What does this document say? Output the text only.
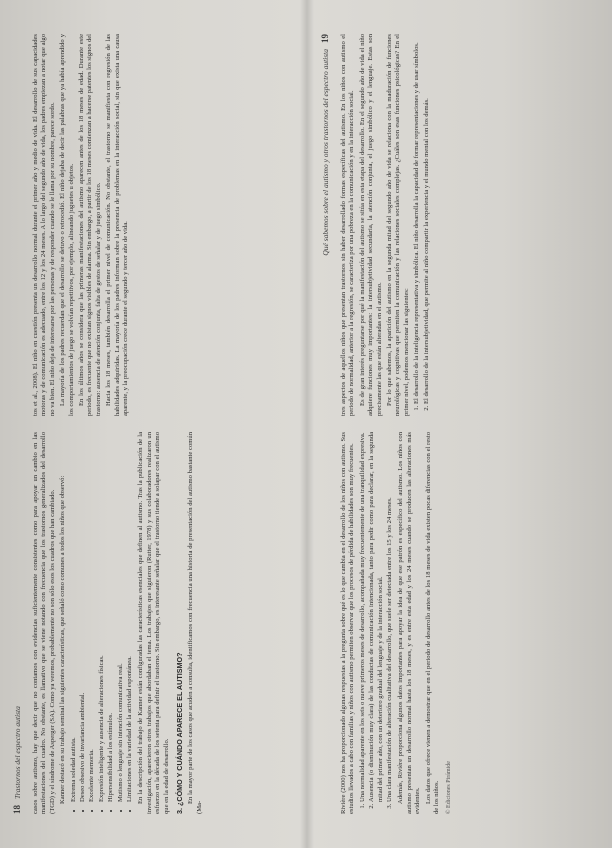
18Trastornos del espectro autista	casos sobre autismo, hay que decir que no contamos con evidencias suficientemente consistentes como para apoyar un cambio en las manifestaciones del cuadro. No obstante, es llamativo que se viene notando con frecuencia que los trastornos generalizados del desarrollo (TGD) y el síndrome de Asperger (SA). Como ya veremos, probablemente no son sólo esos los cuadros que han cambiado. Kanner destacó en su trabajo seminal las siguientes características, que señaló como comunes a todos los niños que observó: • Extrema soledad autista. • Deseo obsesivo de invariancia ambiental. • Excelente memoria. • Expresión inteligente y ausencia de alteraciones físicas. • Hipersensibilidad a los estímulos. • Mutismo o lenguaje sin intención comunicativa real. • Limitaciones en la variedad de la actividad espontánea. En la descripción del trabajo de Kanner están configuradas las características esenciales que definen al autismo. Tras la publicación de la investigación, aparecieron otros trabajos que abordaban el tema. Los trabajos que siguieron (Rutter, 1978) y sus colaboradores realizaron un esfuerzo en la década de los setenta para definir el trastorno. Sin embargo, es interesante señalar que el trastorno tiende a solapar con el autismo que en la edad de desarrollo. 3. ¿CÓMO Y CUÁNDO APARECE EL AUTISMO? En la mayor parte de los casos que acuden a consulta, identificamos con frecuencia una historia de presentación del autismo bastante común (Ma-

tos et al., 2008). El niño en cuestión presenta un desarrollo normal durante el primer año y medio de vida. El desarrollo de sus capacidades motoras y de comunicación es adecuado, entre los 12 y los 24 meses. A lo largo del segundo año de vida, los padres empiezan a notar que algo no va bien. El niño deja de interesarse por las personas y de responder cuando se le llama por su nombre, parece sordo. La mayoría de los padres recuerdan que el desarrollo se detuvo o retrocedió. El niño dejaba de decir las palabras que ya había aprendido y los comportamientos de juego se volvían repetitivos, por ejemplo, alineando juguetes u objetos. En los últimos años se considera que las primeras manifestaciones del autismo aparecen antes de los 18 meses de edad. Durante este periodo, es frecuente que no existan signos visibles de alarma. Sin embargo, a partir de los 18 meses comienzan a hacerse patentes los signos del trastorno: ausencia de atención conjunta, falta de gestos de señalar y de juego simbólico. Hacia los 18 meses, también desarrolla el primer nivel de comunicación. No obstante, el trastorno se manifiesta con regresión de las habilidades adquiridas. La mayoría de los padres informan sobre la presencia de problemas en la interacción social, sin que exista una causa aparente, y la preocupación crece durante el segundo y tercer año de vida.

Qué sabemos sobre el autismo y otros trastornos del espectro autista19

Rivière (2000) nos ha proporcionado algunas respuestas a la pregunta sobre qué es lo que cambia en el desarrollo de los niños con autismo. Sus estudios llevados a cabo con familias y niños con autismo permiten observar que los procesos de pérdida de habilidades son muy frecuentes. 1. Una normalidad aparente en los seis o nueve primeros meses de desarrollo, acompañada muy frecuentemente de una tranquilidad expresiva. 2. Ausencia (o disminución muy clara) de las conductas de comunicación intencionada, tanto para pedir como para declarar, en la segunda mitad del primer año, con un deterioro gradual del lenguaje y de la interacción social. 3. Una clara manifestación de alteración cualitativa del desarrollo, que suele ser detectada entre los 15 y los 24 meses. Además, Rivière proporciona algunos datos importantes para apoyar la idea de que ese patrón es específico del autismo. Los niños con autismo presentan un desarrollo normal hasta los 18 meses, y es entre esta edad y los 24 meses cuando se producen las alteraciones más evidentes. Los datos que ofrece vienen a demostrar que en el periodo de desarrollo antes de los 18 meses de vida existen pocas diferencias con el resto de los niños. © Ediciones Pirámide

tres aspectos de aquellos niños que presentan trastornos sin haber desarrollado formas específicas del autismo. En los niños con autismo el periodo de normalidad, anterior a la regresión, se caracteriza por una pobreza en la comunicación y en la interacción social. Es de gran interés preguntarse por qué la manifestación del autismo se sitúa en esta etapa del desarrollo. En el segundo año de vida el niño adquiere funciones muy importantes: la intersubjetividad secundaria, la atención conjunta, el juego simbólico y el lenguaje. Estas son precisamente las que están alteradas en el autismo. Por lo que sabemos, la aparición del autismo en la segunda mitad del segundo año de vida se relaciona con la maduración de funciones neurológicas y cognitivas que permiten la comunicación y las relaciones sociales complejas. ¿Cuáles son esas funciones psicológicas? En el primer nivel, podemos mencionar las siguientes: 1. El desarrollo de la inteligencia representativa y simbólica. El niño desarrolla la capacidad de formar representaciones y de usar símbolos. 2. El desarrollo de la intersubjetividad, que permite al niño compartir la experiencia y el mundo mental con los demás.
